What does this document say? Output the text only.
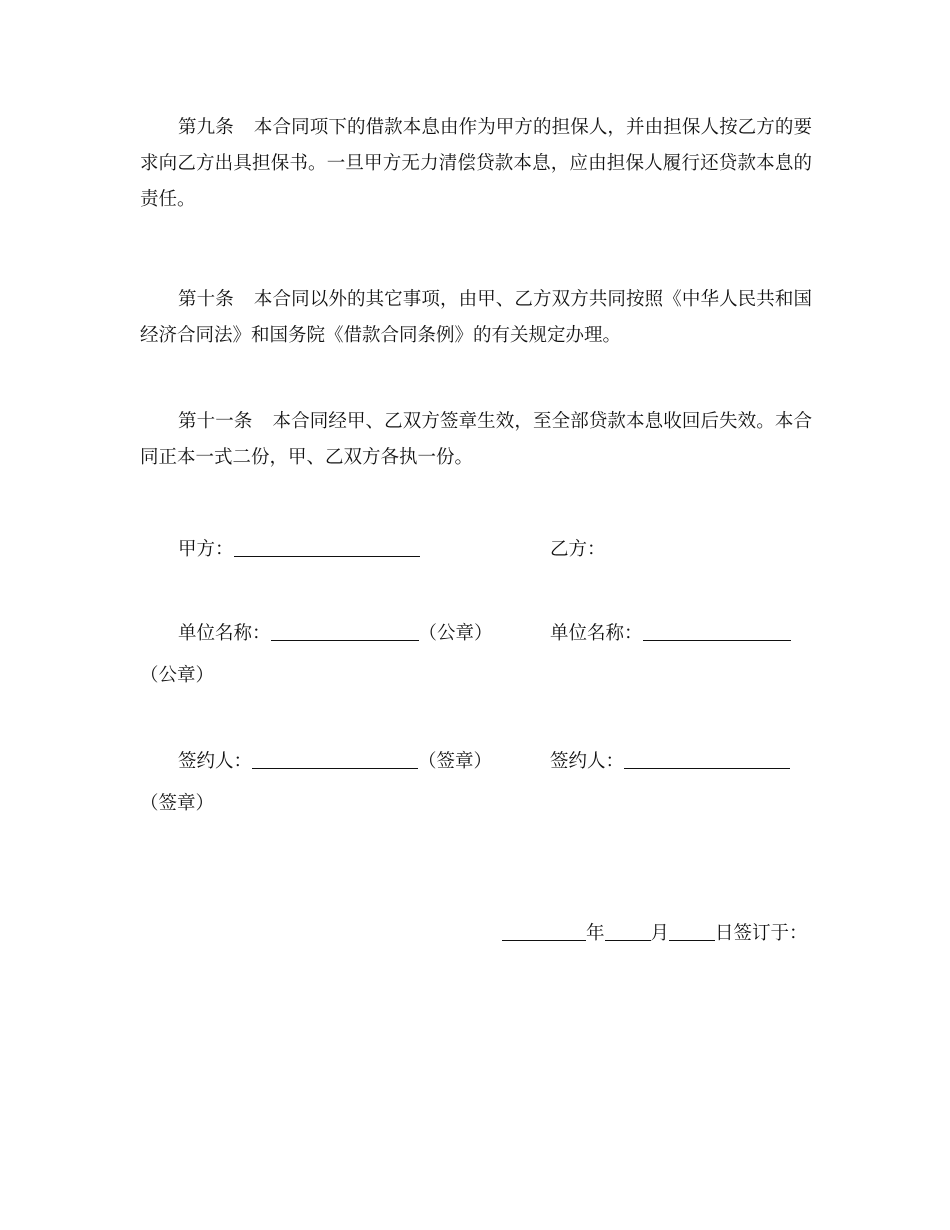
第九条 本合同项下的借款本息由作为甲方的担保人，并由担保人按乙方的要求向乙方出具担保书。一旦甲方无力清偿贷款本息，应由担保人履行还贷款本息的责任。

第十条 本合同以外的其它事项，由甲、乙方双方共同按照《中华人民共和国经济合同法》和国务院《借款合同条例》的有关规定办理。

第十一条 本合同经甲、乙双方签章生效，至全部贷款本息收回后失效。本合同正本一式二份，甲、乙双方各执一份。

甲方：	乙方：
单位名称：	（公章）	单位名称：
（公章）
签约人：	（签章）	签约人：
（签章）
年 月 日签订于：
